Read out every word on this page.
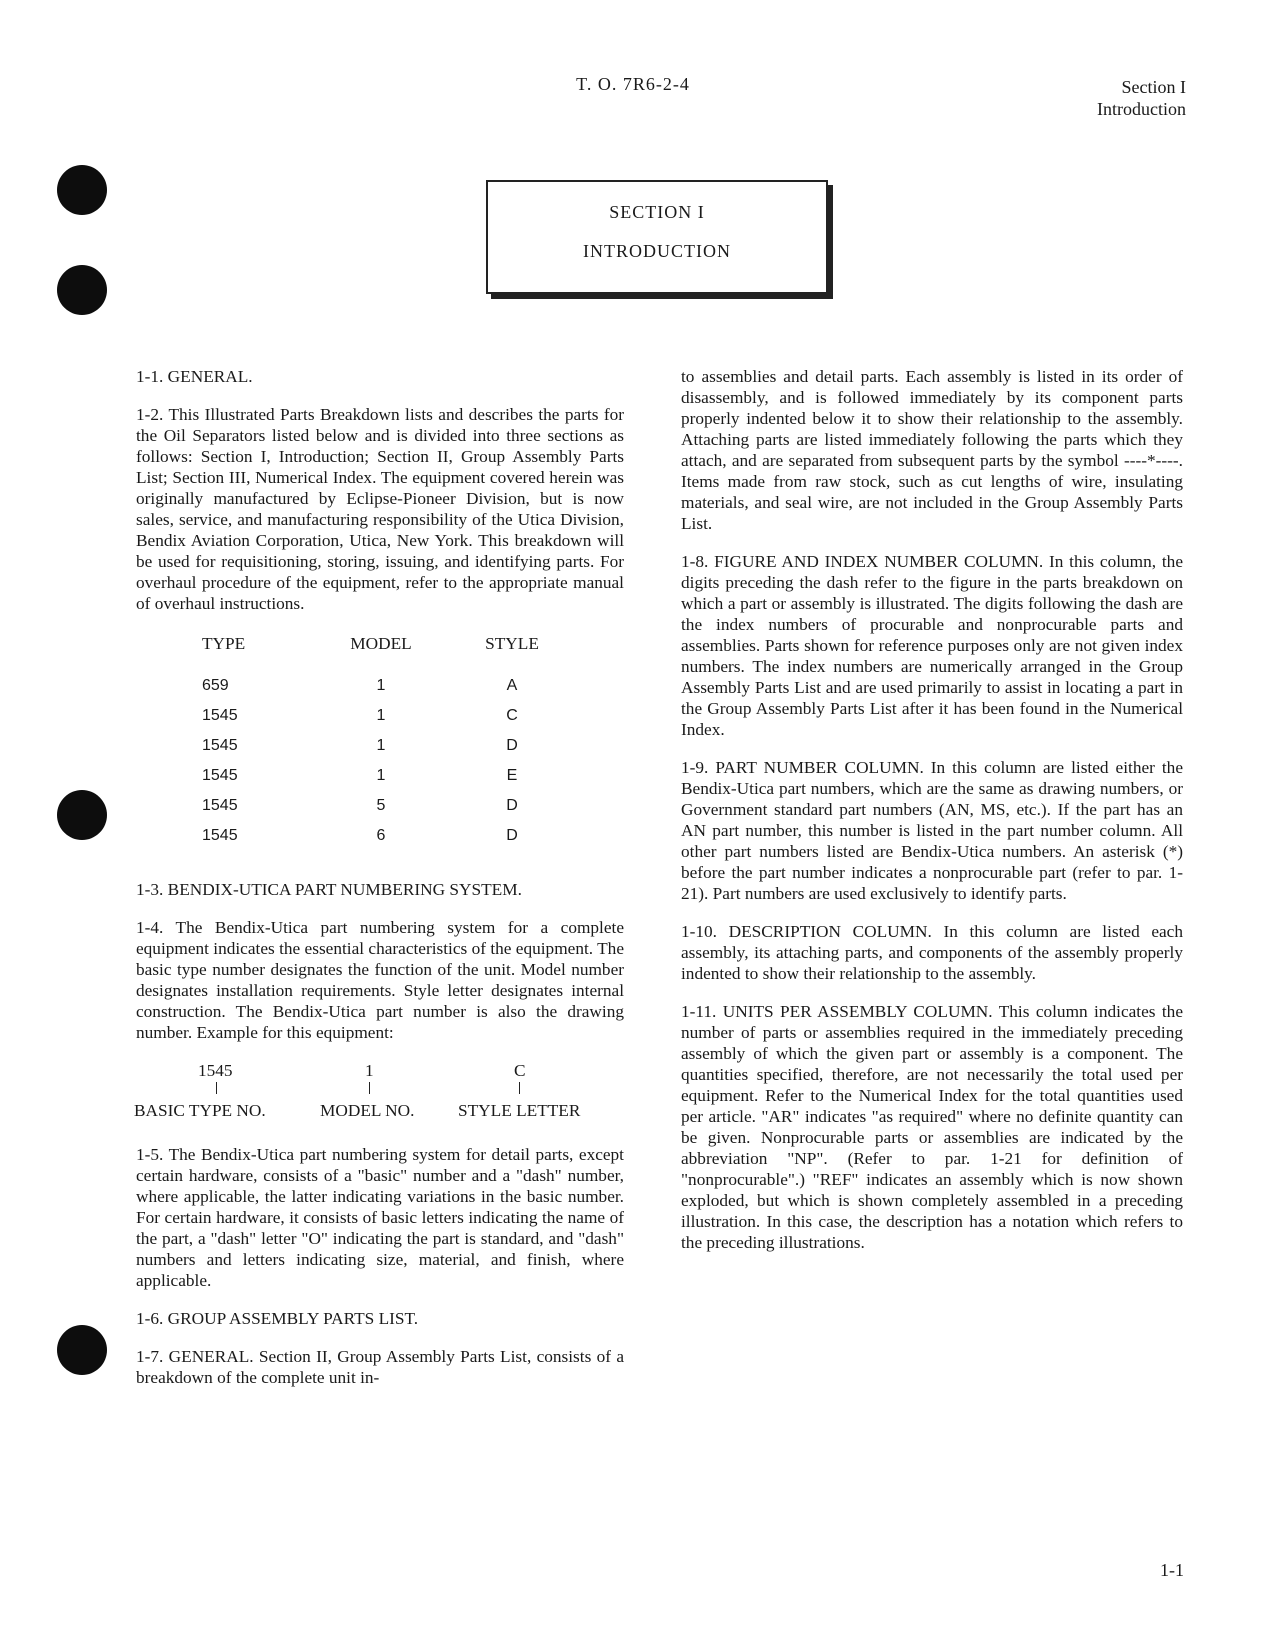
T. O. 7R6-2-4	Section I
Introduction
SECTION I
INTRODUCTION
1-1. GENERAL.
1-2. This Illustrated Parts Breakdown lists and describes the parts for the Oil Separators listed below and is divided into three sections as follows: Section I, Introduction; Section II, Group Assembly Parts List; Section III, Numerical Index. The equipment covered herein was originally manufactured by Eclipse-Pioneer Division, but is now sales, service, and manufacturing responsibility of the Utica Division, Bendix Aviation Corporation, Utica, New York. This breakdown will be used for requisitioning, storing, issuing, and identifying parts. For overhaul procedure of the equipment, refer to the appropriate manual of overhaul instructions.
TYPE	MODEL	STYLE
659	1	A
1545	1	C
1545	1	D
1545	1	E
1545	5	D
1545	6	D
1-3. BENDIX-UTICA PART NUMBERING SYSTEM.
1-4. The Bendix-Utica part numbering system for a complete equipment indicates the essential characteristics of the equipment. The basic type number designates the function of the unit. Model number designates installation requirements. Style letter designates internal construction. The Bendix-Utica part number is also the drawing number. Example for this equipment:
1545	1	C
BASIC TYPE NO.	MODEL NO.	STYLE LETTER
1-5. The Bendix-Utica part numbering system for detail parts, except certain hardware, consists of a "basic" number and a "dash" number, where applicable, the latter indicating variations in the basic number. For certain hardware, it consists of basic letters indicating the name of the part, a "dash" letter "O" indicating the part is standard, and "dash" numbers and letters indicating size, material, and finish, where applicable.
1-6. GROUP ASSEMBLY PARTS LIST.
1-7. GENERAL. Section II, Group Assembly Parts List, consists of a breakdown of the complete unit in-
to assemblies and detail parts. Each assembly is listed in its order of disassembly, and is followed immediately by its component parts properly indented below it to show their relationship to the assembly. Attaching parts are listed immediately following the parts which they attach, and are separated from subsequent parts by the symbol ----*----. Items made from raw stock, such as cut lengths of wire, insulating materials, and seal wire, are not included in the Group Assembly Parts List.
1-8. FIGURE AND INDEX NUMBER COLUMN. In this column, the digits preceding the dash refer to the figure in the parts breakdown on which a part or assembly is illustrated. The digits following the dash are the index numbers of procurable and nonprocurable parts and assemblies. Parts shown for reference purposes only are not given index numbers. The index numbers are numerically arranged in the Group Assembly Parts List and are used primarily to assist in locating a part in the Group Assembly Parts List after it has been found in the Numerical Index.
1-9. PART NUMBER COLUMN. In this column are listed either the Bendix-Utica part numbers, which are the same as drawing numbers, or Government standard part numbers (AN, MS, etc.). If the part has an AN part number, this number is listed in the part number column. All other part numbers listed are Bendix-Utica numbers. An asterisk (*) before the part number indicates a nonprocurable part (refer to par. 1-21). Part numbers are used exclusively to identify parts.
1-10. DESCRIPTION COLUMN. In this column are listed each assembly, its attaching parts, and components of the assembly properly indented to show their relationship to the assembly.
1-11. UNITS PER ASSEMBLY COLUMN. This column indicates the number of parts or assemblies required in the immediately preceding assembly of which the given part or assembly is a component. The quantities specified, therefore, are not necessarily the total used per equipment. Refer to the Numerical Index for the total quantities used per article. "AR" indicates "as required" where no definite quantity can be given. Nonprocurable parts or assemblies are indicated by the abbreviation "NP". (Refer to par. 1-21 for definition of "nonprocurable".) "REF" indicates an assembly which is now shown exploded, but which is shown completely assembled in a preceding illustration. In this case, the description has a notation which refers to the preceding illustrations.
1-1
